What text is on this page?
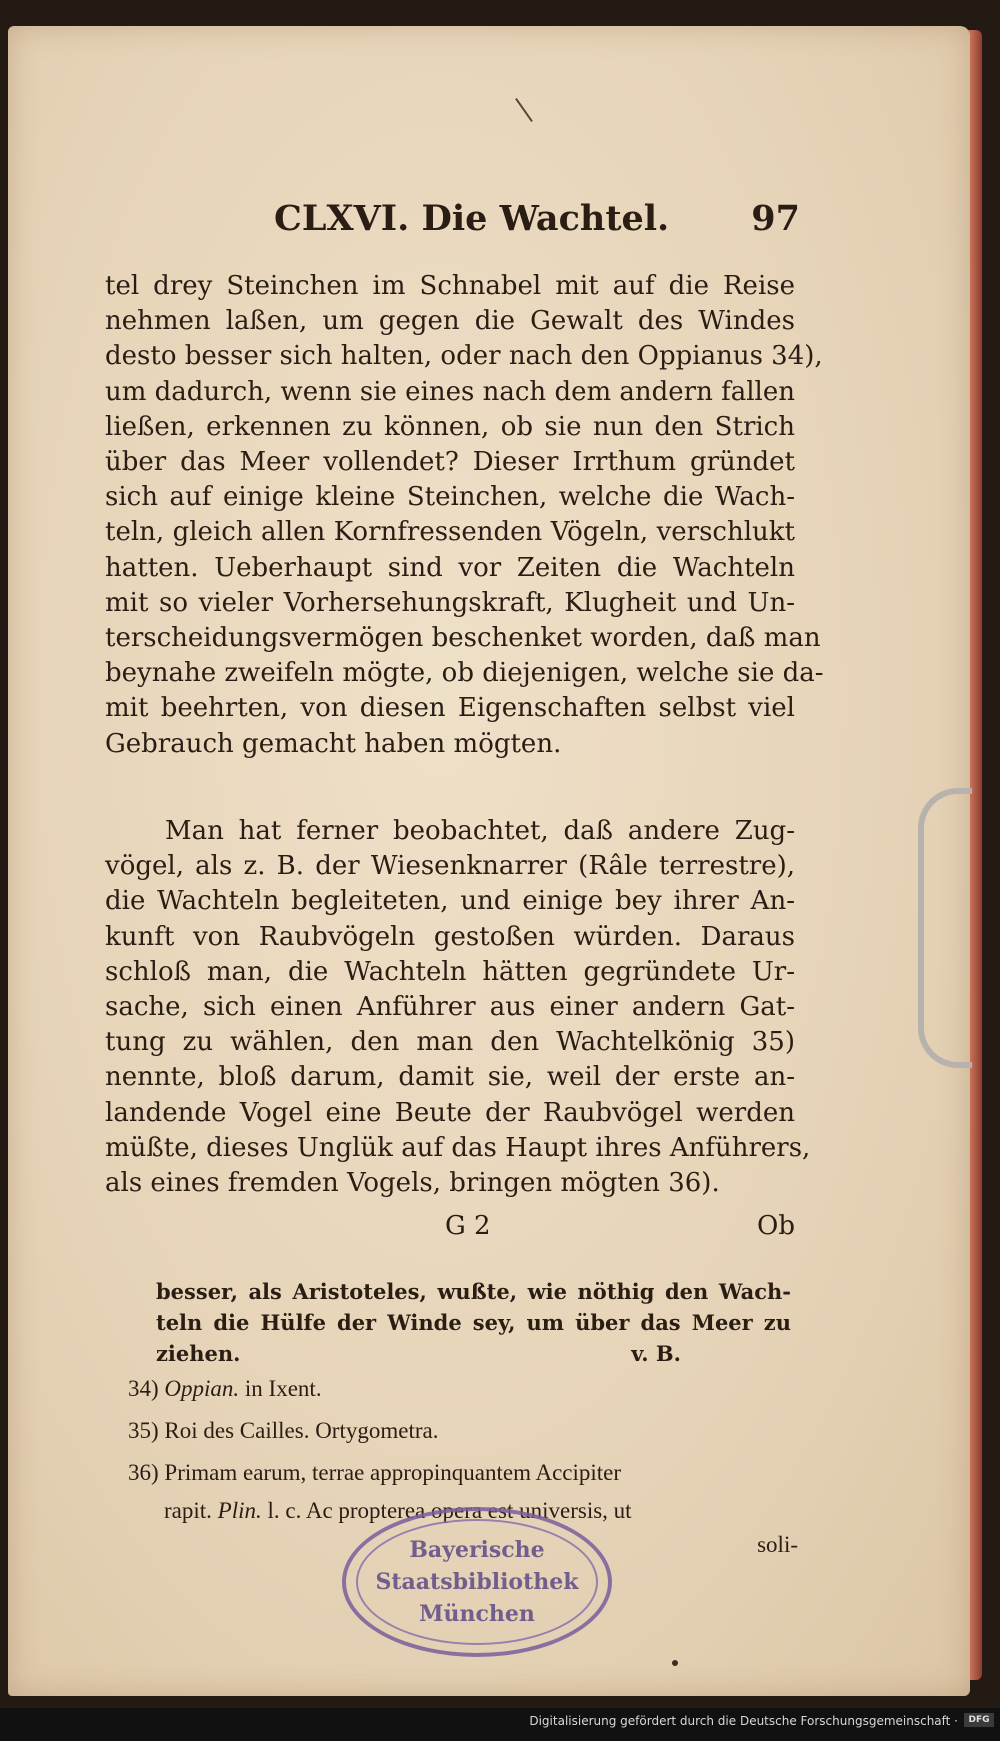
CLXVI. Die Wachtel. 97
tel drey Steinchen im Schnabel mit auf die Reise
nehmen laßen, um gegen die Gewalt des Windes
desto besser sich halten, oder nach den Oppianus 34),
um dadurch, wenn sie eines nach dem andern fallen
ließen, erkennen zu können, ob sie nun den Strich
über das Meer vollendet? Dieser Irrthum gründet
sich auf einige kleine Steinchen, welche die Wach-
teln, gleich allen Kornfressenden Vögeln, verschlukt
hatten. Ueberhaupt sind vor Zeiten die Wachteln
mit so vieler Vorhersehungskraft, Klugheit und Un-
terscheidungsvermögen beschenket worden, daß man
beynahe zweifeln mögte, ob diejenigen, welche sie da-
mit beehrten, von diesen Eigenschaften selbst viel
Gebrauch gemacht haben mögten.
Man hat ferner beobachtet, daß andere Zug-
vögel, als z. B. der Wiesenknarrer (Râle terrestre),
die Wachteln begleiteten, und einige bey ihrer An-
kunft von Raubvögeln gestoßen würden. Daraus
schloß man, die Wachteln hätten gegründete Ur-
sache, sich einen Anführer aus einer andern Gat-
tung zu wählen, den man den Wachtelkönig 35)
nennte, bloß darum, damit sie, weil der erste an-
landende Vogel eine Beute der Raubvögel werden
müßte, dieses Unglük auf das Haupt ihres Anführers,
als eines fremden Vogels, bringen mögten 36).
G 2	Ob
besser, als Aristoteles, wußte, wie nöthig den Wach-
teln die Hülfe der Winde sey, um über das Meer zu
ziehen.	v. B.
34) Oppian. in Ixent.
35) Roi des Cailles. Ortygometra.
36) Primam earum, terrae appropinquantem Accipiter
rapit. Plin. l. c. Ac propterea opera est universis, ut
soli-
Bayerische
Staatsbibliothek
München
Digitalisierung gefördert durch die Deutsche Forschungsgemeinschaft ·	DFG
